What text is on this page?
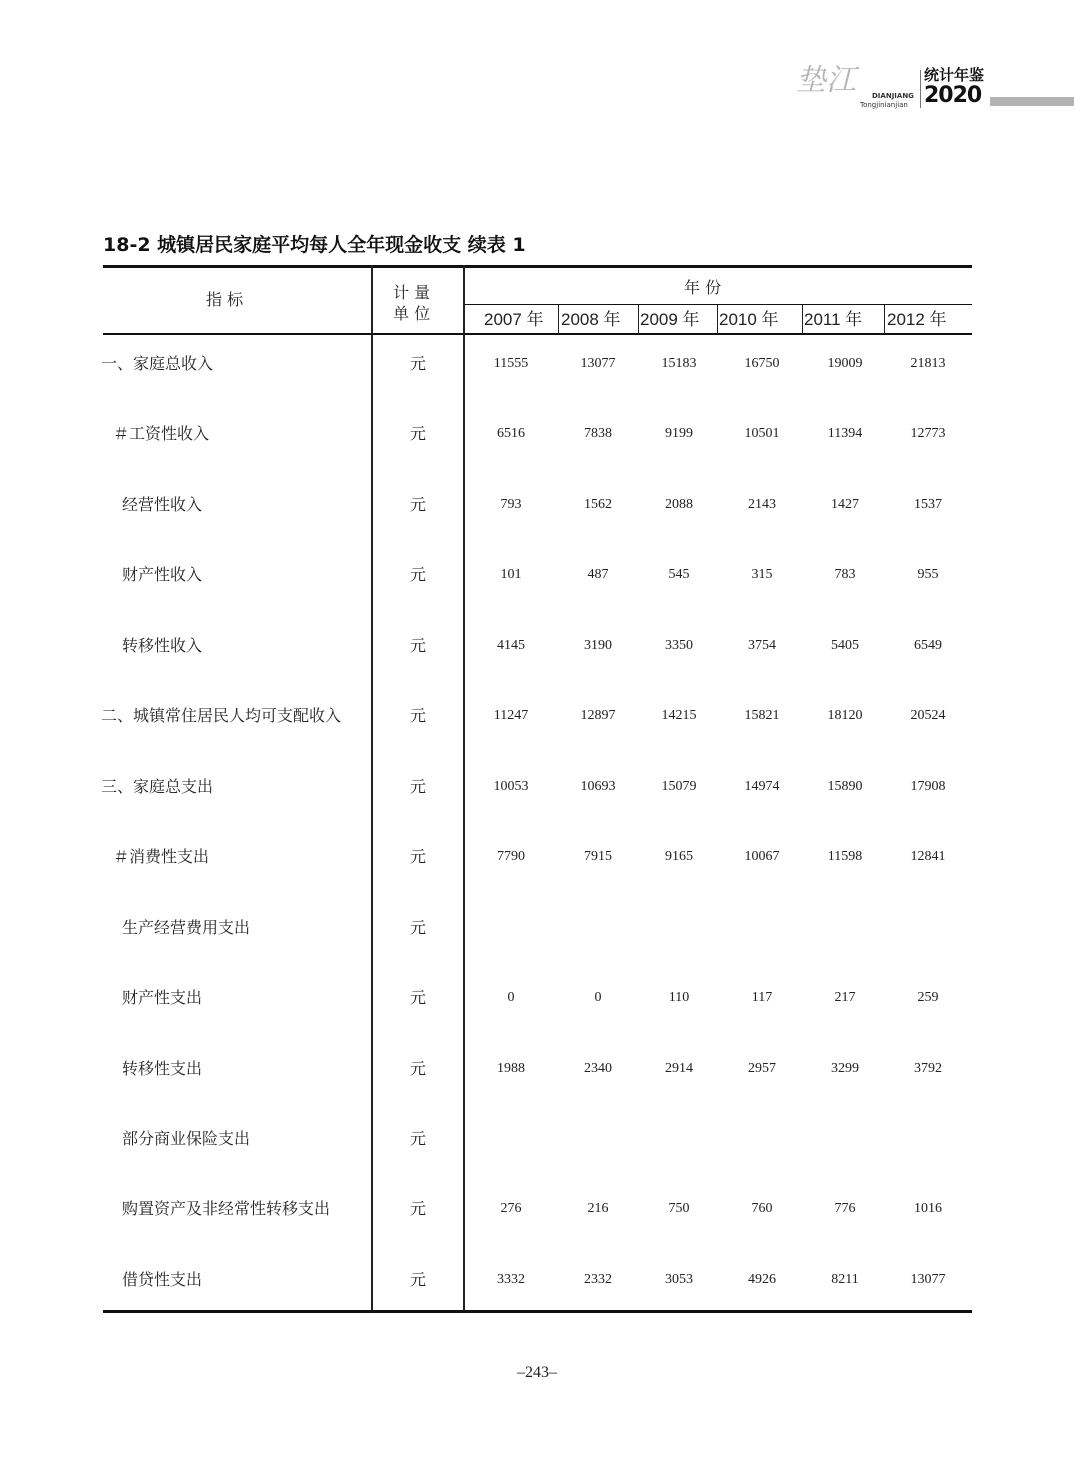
垫江 DIANJIANG
Tongjinianjian
统计年鉴
2020
18-2 城镇居民家庭平均每人全年现金收支 续表 1
指 标	计 量
单 位
年 份
2007 年 2008 年 2009 年 2010 年 2011 年 2012 年
一、家庭总收入	元	11555	13077	15183	16750	19009	21813
＃工资性收入	元	6516	7838	9199	10501	11394	12773
经营性收入	元	793	1562	2088	2143	1427	1537
财产性收入	元	101	487	545	315	783	955
转移性收入	元	4145	3190	3350	3754	5405	6549
二、城镇常住居民人均可支配收入	元	11247	12897	14215	15821	18120	20524
三、家庭总支出	元	10053	10693	15079	14974	15890	17908
＃消费性支出	元	7790	7915	9165	10067	11598	12841
生产经营费用支出	元
财产性支出	元	0	0	110	117	217	259
转移性支出	元	1988	2340	2914	2957	3299	3792
部分商业保险支出	元
购置资产及非经常性转移支出	元	276	216	750	760	776	1016
借贷性支出	元	3332	2332	3053	4926	8211	13077
–243–
